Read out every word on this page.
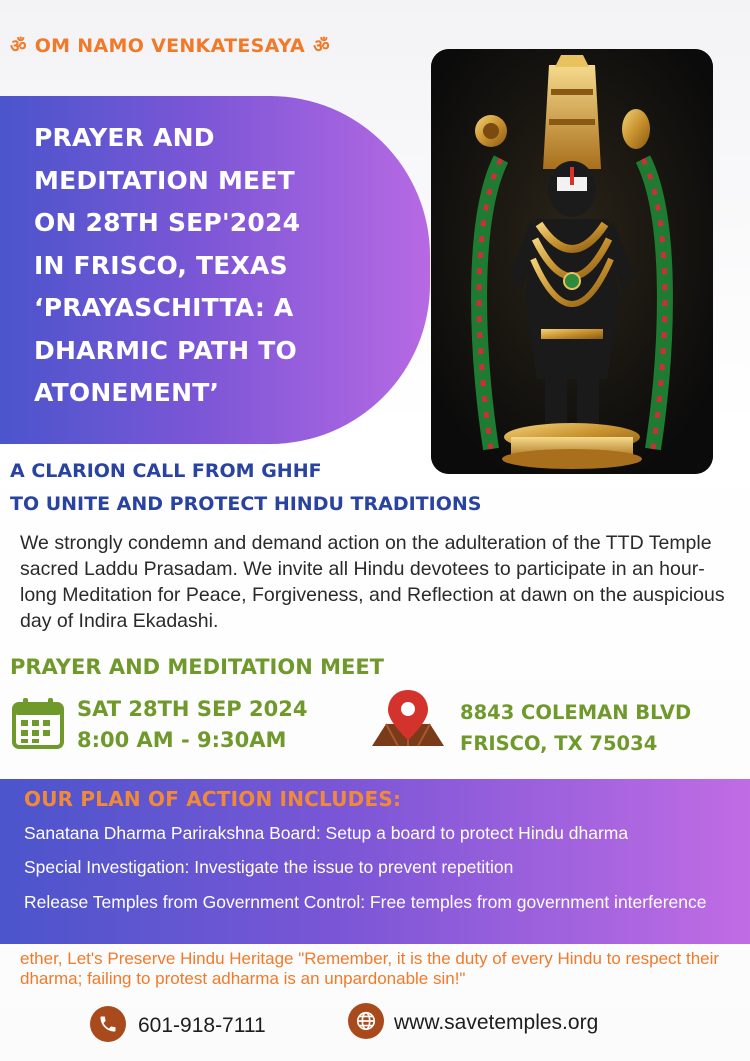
ॐ OM NAMO VENKATESAYA ॐ
PRAYER AND
MEDITATION MEET
ON 28TH SEP'2024
IN FRISCO, TEXAS
‘PRAYASCHITTA: A
DHARMIC PATH TO
ATONEMENT’
A CLARION CALL FROM GHHF
TO UNITE AND PROTECT HINDU TRADITIONS

We strongly condemn and demand action on the adulteration of the TTD Temple sacred Laddu Prasadam. We invite all Hindu devotees to participate in an hour-long Meditation for Peace, Forgiveness, and Reflection at dawn on the auspicious day of Indira Ekadashi.

PRAYER AND MEDITATION MEET
SAT 28TH SEP 2024
8:00 AM - 9:30AM
8843 COLEMAN BLVD
FRISCO, TX 75034
OUR PLAN OF ACTION INCLUDES:
Sanatana Dharma Parirakshna Board: Setup a board to protect Hindu dharma
Special Investigation: Investigate the issue to prevent repetition
Release Temples from Government Control: Free temples from government interference

ether, Let's Preserve Hindu Heritage "Remember, it is the duty of every Hindu to respect their dharma; failing to protest adharma is an unpardonable sin!"

601-918-7111	www.savetemples.org
